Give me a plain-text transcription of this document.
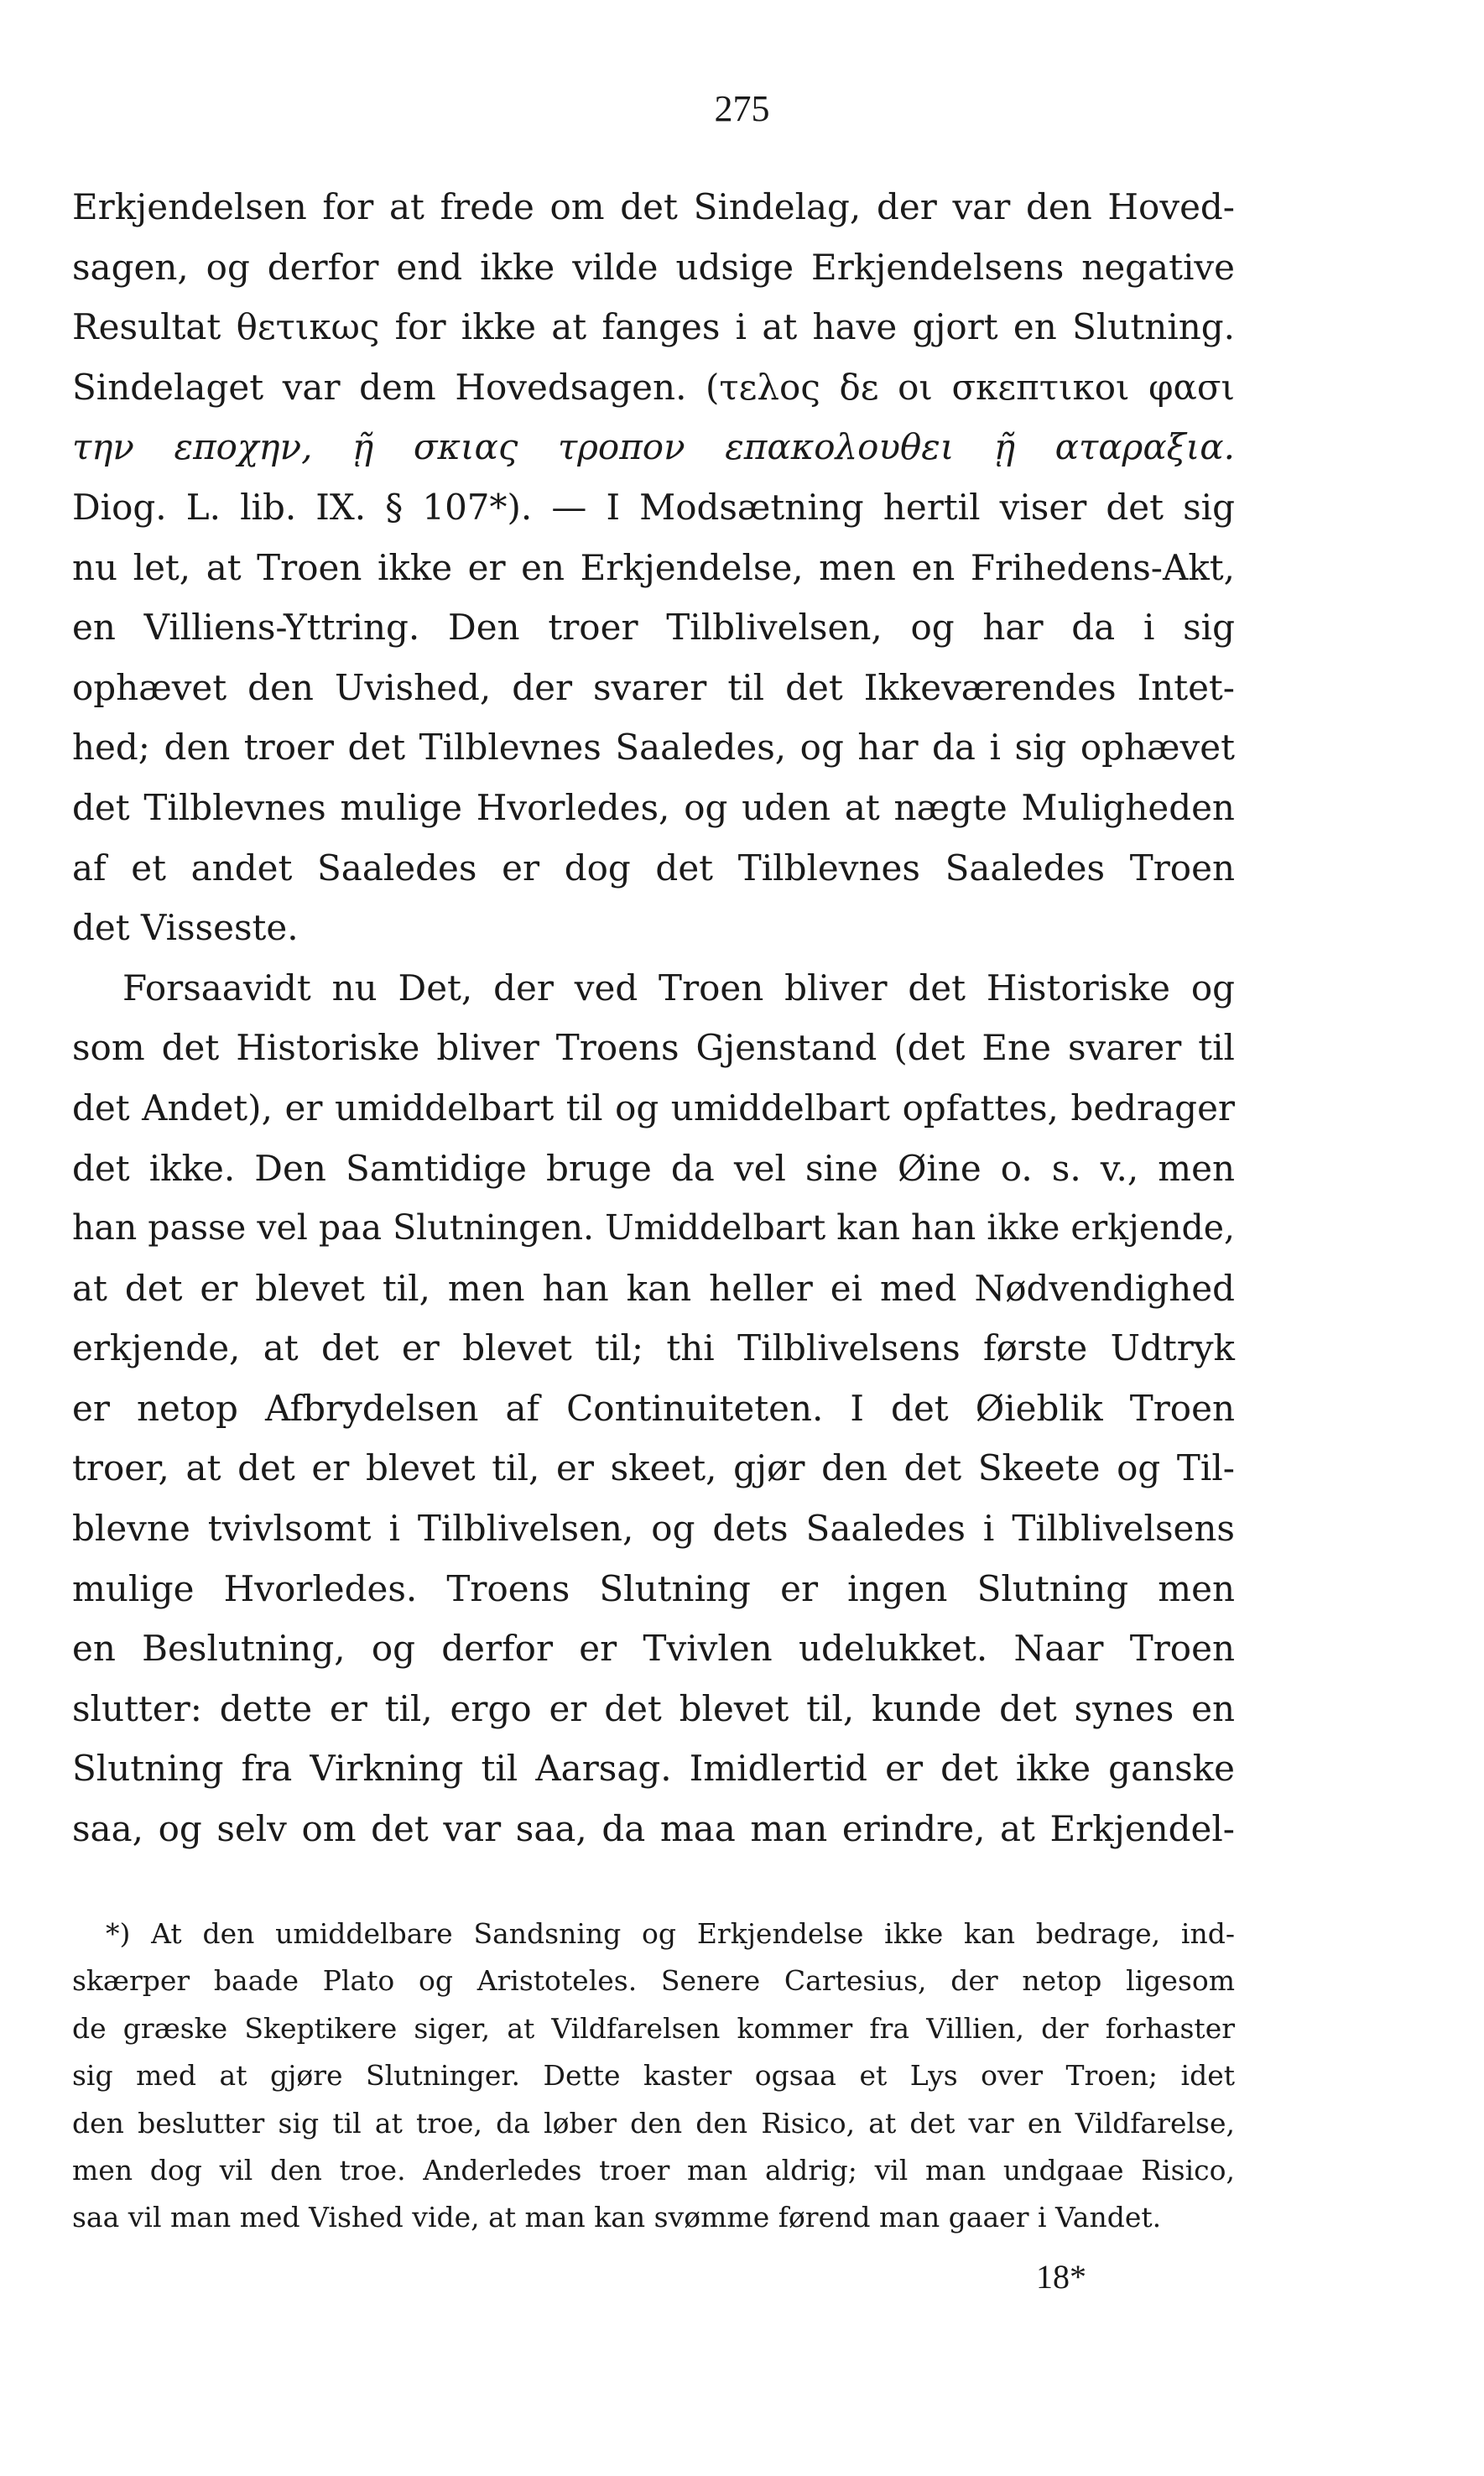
275
Erkjendelsen for at frede om det Sindelag, der var den Hoved-
sagen, og derfor end ikke vilde udsige Erkjendelsens negative
Resultat θετικως for ikke at fanges i at have gjort en Slutning.
Sindelaget var dem Hovedsagen. (τελος δε οι σκεπτικοι φασι
την εποχην, ῇ σκιας τροπον επακολουθει ῇ αταραξια.
Diog. L. lib. IX. § 107*). — I Modsætning hertil viser det sig
nu let, at Troen ikke er en Erkjendelse, men en Frihedens-Akt,
en Villiens-Yttring. Den troer Tilblivelsen, og har da i sig
ophævet den Uvished, der svarer til det Ikkeværendes Intet-
hed; den troer det Tilblevnes Saaledes, og har da i sig ophævet
det Tilblevnes mulige Hvorledes, og uden at nægte Muligheden
af et andet Saaledes er dog det Tilblevnes Saaledes Troen
det Visseste.
Forsaavidt nu Det, der ved Troen bliver det Historiske og
som det Historiske bliver Troens Gjenstand (det Ene svarer til
det Andet), er umiddelbart til og umiddelbart opfattes, bedrager
det ikke. Den Samtidige bruge da vel sine Øine o. s. v., men
han passe vel paa Slutningen. Umiddelbart kan han ikke erkjende,
at det er blevet til, men han kan heller ei med Nødvendighed
erkjende, at det er blevet til; thi Tilblivelsens første Udtryk
er netop Afbrydelsen af Continuiteten. I det Øieblik Troen
troer, at det er blevet til, er skeet, gjør den det Skeete og Til-
blevne tvivlsomt i Tilblivelsen, og dets Saaledes i Tilblivelsens
mulige Hvorledes. Troens Slutning er ingen Slutning men
en Beslutning, og derfor er Tvivlen udelukket. Naar Troen
slutter: dette er til, ergo er det blevet til, kunde det synes en
Slutning fra Virkning til Aarsag. Imidlertid er det ikke ganske
saa, og selv om det var saa, da maa man erindre, at Erkjendel-
*) At den umiddelbare Sandsning og Erkjendelse ikke kan bedrage, ind-
skærper baade Plato og Aristoteles. Senere Cartesius, der netop ligesom
de græske Skeptikere siger, at Vildfarelsen kommer fra Villien, der forhaster
sig med at gjøre Slutninger. Dette kaster ogsaa et Lys over Troen; idet
den beslutter sig til at troe, da løber den den Risico, at det var en Vildfarelse,
men dog vil den troe. Anderledes troer man aldrig; vil man undgaae Risico,
saa vil man med Vished vide, at man kan svømme førend man gaaer i Vandet.
18*
